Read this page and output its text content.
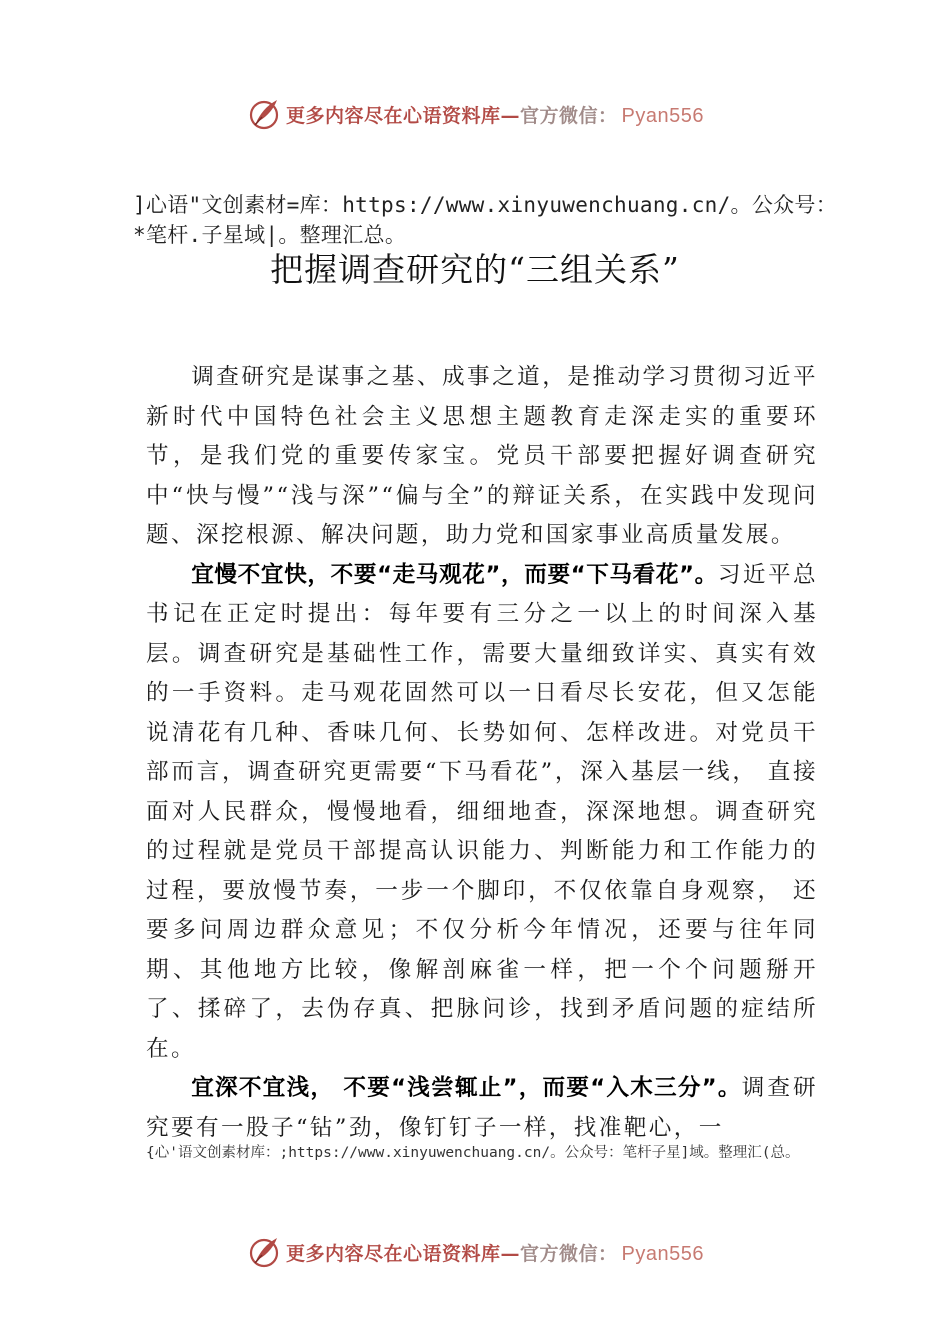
更多内容尽在心语资料库—官方微信： Pyan556
]心语"文创素材=库：https://www.xinyuwenchuang.cn/。公众号：*笔杆.子星域|。整理汇总。
把握调查研究的“三组关系”

调查研究是谋事之基、成事之道，是推动学习贯彻习近平新时代中国特色社会主义思想主题教育走深走实的重要环节，是我们党的重要传家宝。党员干部要把握好调查研究中“快与慢”“浅与深”“偏与全”的辩证关系，在实践中发现问题、深挖根源、解决问题，助力党和国家事业高质量发展。

宜慢不宜快，不要“走马观花”，而要“下马看花”。习近平总书记在正定时提出：每年要有三分之一以上的时间深入基层。调查研究是基础性工作，需要大量细致详实、真实有效的一手资料。走马观花固然可以一日看尽长安花，但又怎能说清花有几种、香味几何、长势如何、怎样改进。对党员干部而言，调查研究更需要“下马看花”，深入基层一线， 直接面对人民群众，慢慢地看，细细地查，深深地想。调查研究的过程就是党员干部提高认识能力、判断能力和工作能力的过程，要放慢节奏，一步一个脚印，不仅依靠自身观察， 还要多问周边群众意见；不仅分析今年情况，还要与往年同期、其他地方比较，像解剖麻雀一样，把一个个问题掰开了、揉碎了，去伪存真、把脉问诊，找到矛盾问题的症结所在。

宜深不宜浅， 不要“浅尝辄止”，而要“入木三分”。调查研究要有一股子“钻”劲，像钉钉子一样，找准靶心，一

{心'语文创素材库：;https://www.xinyuwenchuang.cn/。公众号：笔杆子星]域。整理汇(总。
更多内容尽在心语资料库—官方微信： Pyan556
